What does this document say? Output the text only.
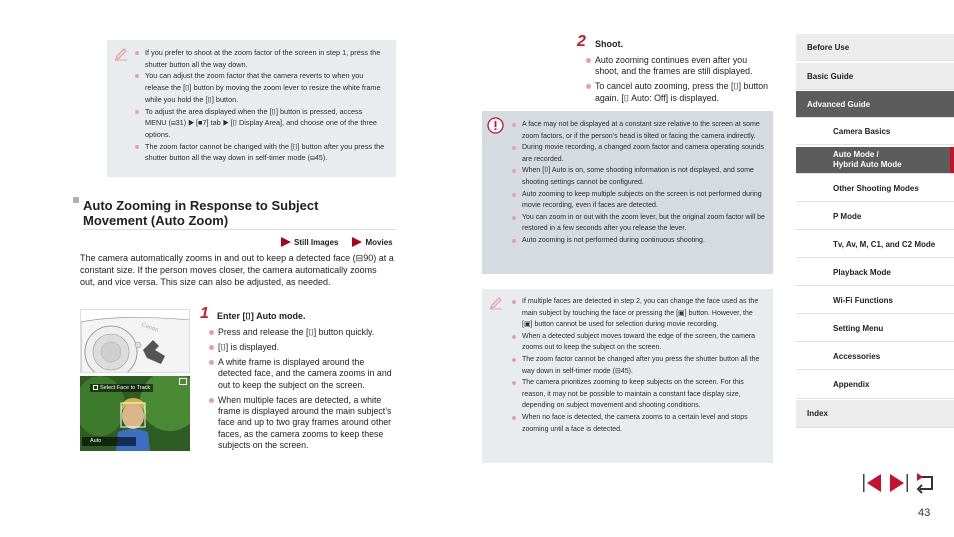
If you prefer to shoot at the zoom factor of the screen in step 1, press the shutter button all the way down.
You can adjust the zoom factor that the camera reverts to when you release the [⌷] button by moving the zoom lever to resize the white frame while you hold the [⌷] button.
To adjust the area displayed when the [⌷] button is pressed, access MENU (⊟31) ▶ [■7] tab ▶ [⌷ Display Area], and choose one of the three options.
The zoom factor cannot be changed with the [⌷] button after you press the shutter button all the way down in self-timer mode (⊟45).
Auto Zooming in Response to Subject
Movement (Auto Zoom)
Still Images	Movies
The camera automatically zooms in and out to keep a detected face (⊟90) at a constant size. If the person moves closer, the camera automatically zooms out, and vice versa. This size can also be adjusted, as needed.
Canon
Select Face to Track
Auto
1 Enter [⌷] Auto mode.
Press and release the [⌷] button quickly.
[⌷] is displayed.
A white frame is displayed around the detected face, and the camera zooms in and out to keep the subject on the screen.
When multiple faces are detected, a white frame is displayed around the main subject’s face and up to two gray frames around other faces, as the camera zooms to keep these subjects on the screen.
2 Shoot.
Auto zooming continues even after you shoot, and the frames are still displayed.
To cancel auto zooming, press the [⌷] button again. [⌷ Auto: Off] is displayed.
A face may not be displayed at a constant size relative to the screen at some zoom factors, or if the person’s head is tilted or facing the camera indirectly.
During movie recording, a changed zoom factor and camera operating sounds are recorded.
When [⌷] Auto is on, some shooting information is not displayed, and some shooting settings cannot be configured.
Auto zooming to keep multiple subjects on the screen is not performed during movie recording, even if faces are detected.
You can zoom in or out with the zoom lever, but the original zoom factor will be restored in a few seconds after you release the lever.
Auto zooming is not performed during continuous shooting.
If multiple faces are detected in step 2, you can change the face used as the main subject by touching the face or pressing the [▣] button. However, the [▣] button cannot be used for selection during movie recording.
When a detected subject moves toward the edge of the screen, the camera zooms out to keep the subject on the screen.
The zoom factor cannot be changed after you press the shutter button all the way down in self-timer mode (⊟45).
The camera prioritizes zooming to keep subjects on the screen. For this reason, it may not be possible to maintain a constant face display size, depending on subject movement and shooting conditions.
When no face is detected, the camera zooms to a certain level and stops zooming until a face is detected.
Before Use
Basic Guide
Advanced Guide
Camera Basics
Auto Mode /
Hybrid Auto Mode
Other Shooting Modes
P Mode
Tv, Av, M, C1, and C2 Mode
Playback Mode
Wi-Fi Functions
Setting Menu
Accessories
Appendix
Index
43
